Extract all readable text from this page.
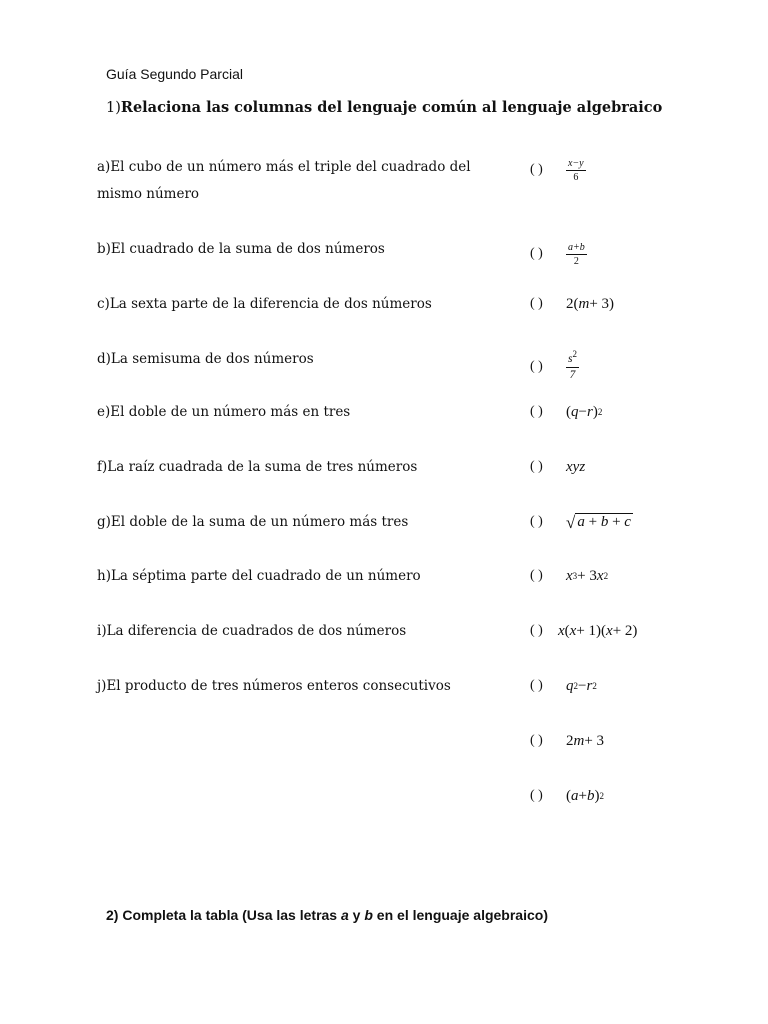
Guía Segundo Parcial
1)Relaciona las columnas del lenguaje común al lenguaje algebraico
a)El cubo de un número más el triple del cuadrado del mismo número
b)El cuadrado de la suma de dos números
c)La sexta parte de la diferencia de dos números
d)La semisuma de dos números
e)El doble de un número más en tres
f)La raíz cuadrada de la suma de tres números
g)El doble de la suma de un número más tres
h)La séptima parte del cuadrado de un número
i)La diferencia de cuadrados de dos números
j)El producto de tres números enteros consecutivos
( )	$\frac{x-y}{6}$
( )	$\frac{a+b}{2}$
( )	2( m + 3)
( )	$\frac{s^2}{7}$
( )	( q − r ) 2
( )	xyz
( )	√ a + b + c
( )	x 3 + 3 x 2
( )	x ( x + 1)( x + 2)
( )	q 2 − r 2
( )	2 m + 3
( )	( a + b ) 2
2) Completa la tabla (Usa las letras a y b en el lenguaje algebraico)
